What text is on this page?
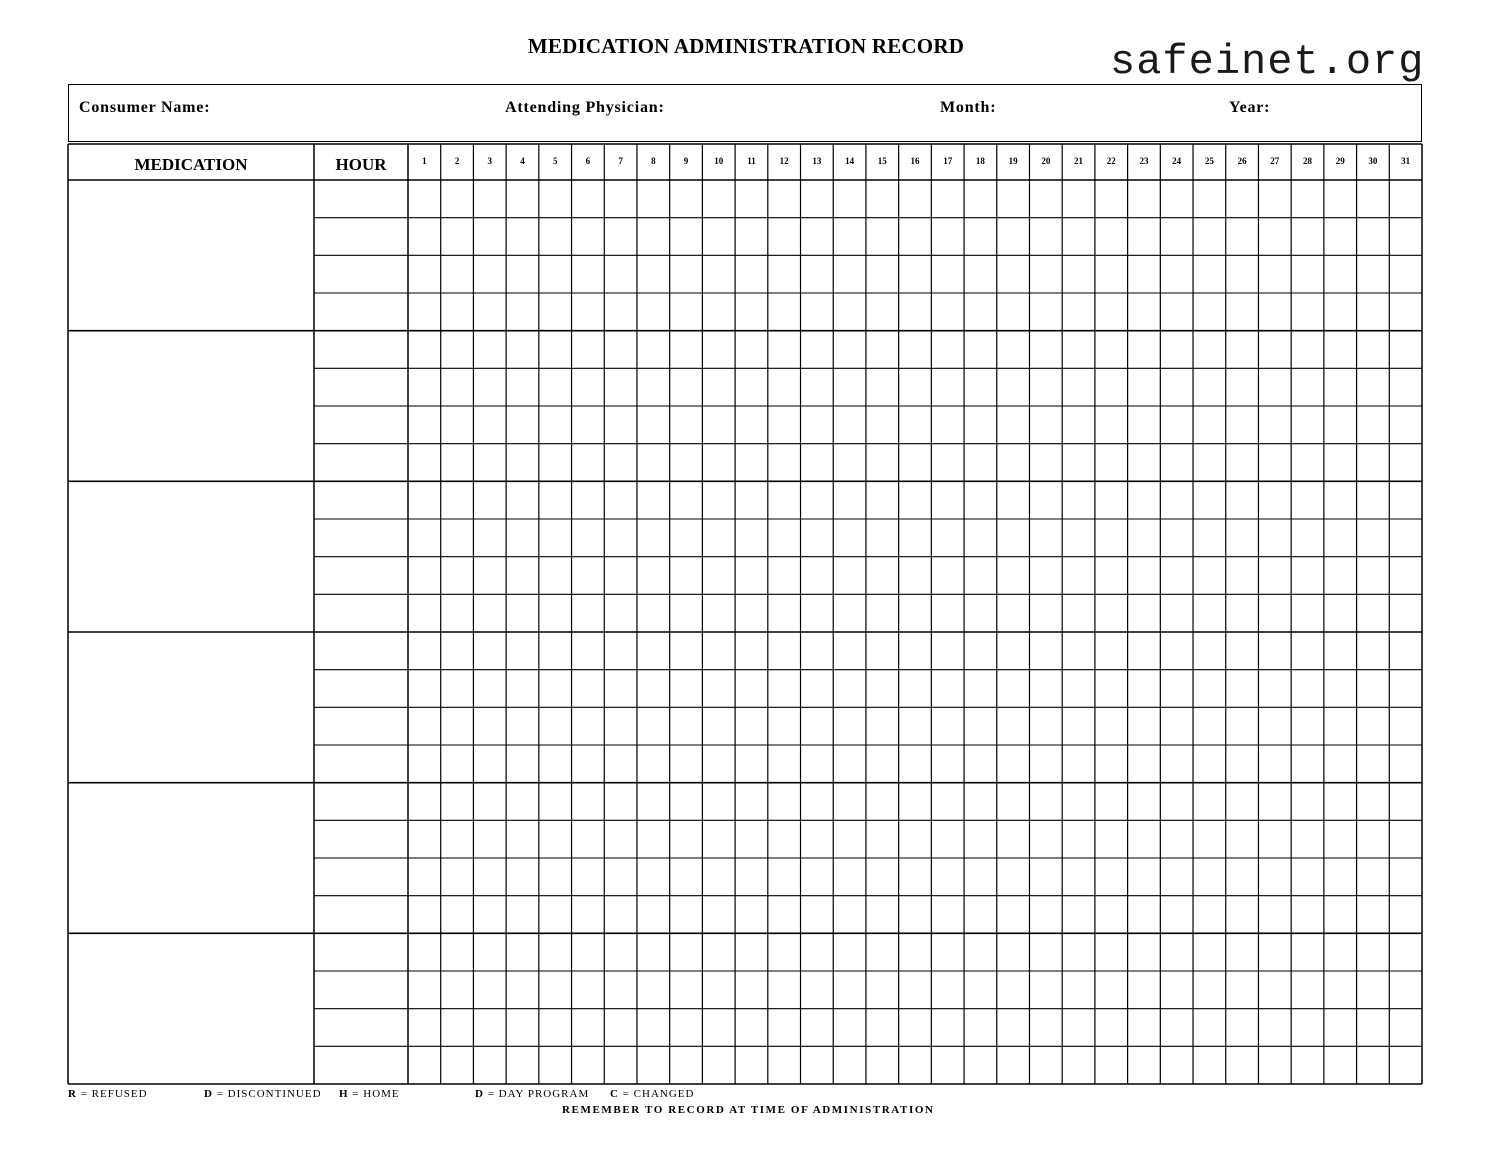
MEDICATION ADMINISTRATION RECORD	safeinet.org
Consumer Name:	Attending Physician:	Month:	Year:
MEDICATION	HOUR	1	2	3	4	5	6	7	8	9	10	11	12	13	14	15	16	17	18	19	20	21	22	23	24	25	26	27	28	29	30	31
R = REFUSED	D = DISCONTINUED H = HOME	D = DAY PROGRAM C = CHANGED
REMEMBER TO RECORD AT TIME OF ADMINISTRATION
